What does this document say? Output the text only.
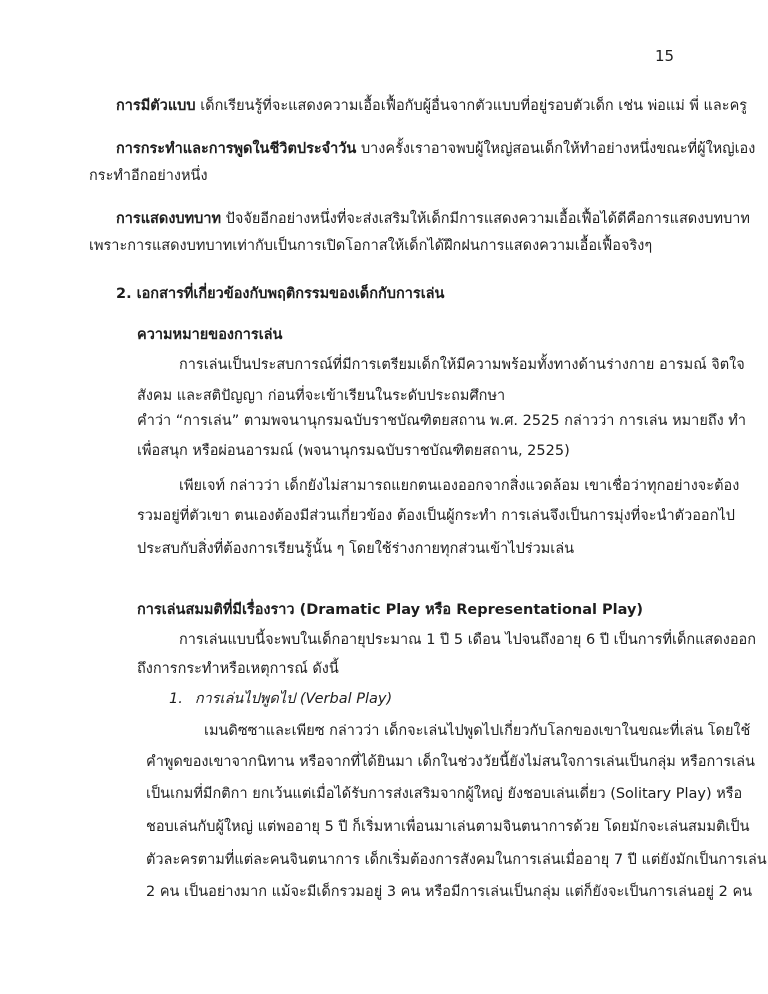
15
การมีตัวแบบ เด็กเรียนรู้ที่จะแสดงความเอื้อเฟื้อกับผู้อื่นจากตัวแบบที่อยู่รอบตัวเด็ก เช่น พ่อแม่ พี่ และครู
การกระทำและการพูดในชีวิตประจำวัน บางครั้งเราอาจพบผู้ใหญ่สอนเด็กให้ทำอย่างหนึ่งขณะที่ผู้ใหญ่เอง
กระทำอีกอย่างหนึ่ง
การแสดงบทบาท ปัจจัยอีกอย่างหนึ่งที่จะส่งเสริมให้เด็กมีการแสดงความเอื้อเฟื้อได้ดีคือการแสดงบทบาท
เพราะการแสดงบทบาทเท่ากับเป็นการเปิดโอกาสให้เด็กได้ฝึกฝนการแสดงความเอื้อเฟื้อจริงๆ
2. เอกสารที่เกี่ยวข้องกับพฤติกรรมของเด็กกับการเล่น
ความหมายของการเล่น
การเล่นเป็นประสบการณ์ที่มีการเตรียมเด็กให้มีความพร้อมทั้งทางด้านร่างกาย อารมณ์ จิตใจ
สังคม และสติปัญญา ก่อนที่จะเข้าเรียนในระดับประถมศึกษา
คำว่า “การเล่น” ตามพจนานุกรมฉบับราชบัณฑิตยสถาน พ.ศ. 2525 กล่าวว่า การเล่น หมายถึง ทำ
เพื่อสนุก หรือผ่อนอารมณ์ (พจนานุกรมฉบับราชบัณฑิตยสถาน, 2525)
เพียเจท์ กล่าวว่า เด็กยังไม่สามารถแยกตนเองออกจากสิ่งแวดล้อม เขาเชื่อว่าทุกอย่างจะต้อง
รวมอยู่ที่ตัวเขา ตนเองต้องมีส่วนเกี่ยวข้อง ต้องเป็นผู้กระทำ การเล่นจึงเป็นการมุ่งที่จะนำตัวออกไป
ประสบกับสิ่งที่ต้องการเรียนรู้นั้น ๆ โดยใช้ร่างกายทุกส่วนเข้าไปร่วมเล่น
การเล่นสมมติที่มีเรื่องราว (Dramatic Play หรือ Representational Play)
การเล่นแบบนี้จะพบในเด็กอายุประมาณ 1 ปี 5 เดือน ไปจนถึงอายุ 6 ปี เป็นการที่เด็กแสดงออก
ถึงการกระทำหรือเหตุการณ์ ดังนี้
1. การเล่นไปพูดไป (Verbal Play)
เมนดิซซาและเพียซ กล่าวว่า เด็กจะเล่นไปพูดไปเกี่ยวกับโลกของเขาในขณะที่เล่น โดยใช้
คำพูดของเขาจากนิทาน หรือจากที่ได้ยินมา เด็กในช่วงวัยนี้ยังไม่สนใจการเล่นเป็นกลุ่ม หรือการเล่น
เป็นเกมที่มีกติกา ยกเว้นแต่เมื่อได้รับการส่งเสริมจากผู้ใหญ่ ยังชอบเล่นเดี่ยว (Solitary Play) หรือ
ชอบเล่นกับผู้ใหญ่ แต่พออายุ 5 ปี ก็เริ่มหาเพื่อนมาเล่นตามจินตนาการด้วย โดยมักจะเล่นสมมติเป็น
ตัวละครตามที่แต่ละคนจินตนาการ เด็กเริ่มต้องการสังคมในการเล่นเมื่ออายุ 7 ปี แต่ยังมักเป็นการเล่น
2 คน เป็นอย่างมาก แม้จะมีเด็กรวมอยู่ 3 คน หรือมีการเล่นเป็นกลุ่ม แต่ก็ยังจะเป็นการเล่นอยู่ 2 คน
